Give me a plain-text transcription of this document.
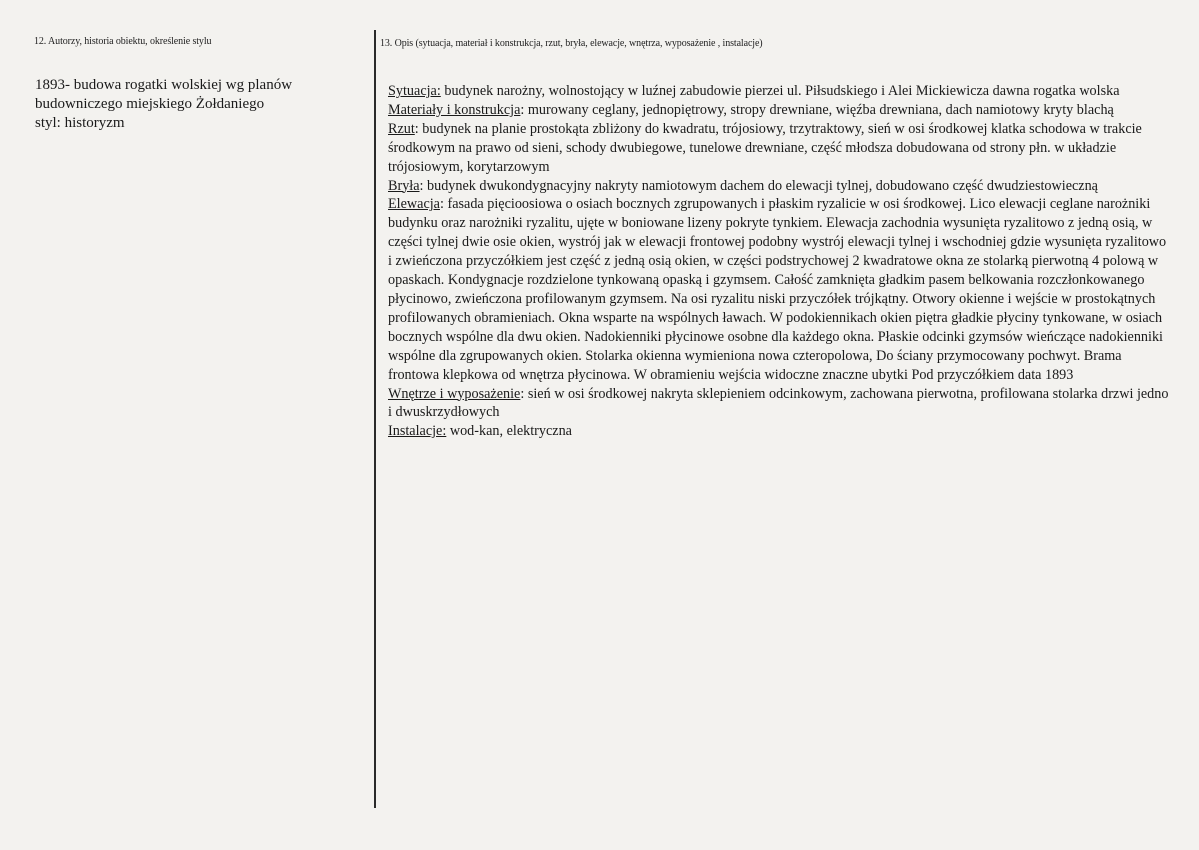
12. Autorzy, historia obiektu, określenie stylu

1893- budowa rogatki wolskiej wg planów
budowniczego miejskiego Żołdaniego
styl: historyzm

13. Opis (sytuacja, materiał i konstrukcja, rzut, bryła, elewacje, wnętrza, wyposażenie , instalacje)

Sytuacja: budynek narożny, wolnostojący w luźnej zabudowie pierzei ul. Piłsudskiego i Alei Mickiewicza dawna rogatka wolska

Materiały i konstrukcja: murowany ceglany, jednopiętrowy, stropy drewniane, więźba drewniana, dach namiotowy kryty blachą

Rzut: budynek na planie prostokąta zbliżony do kwadratu, trójosiowy, trzytraktowy, sień w osi środkowej klatka schodowa w trakcie środkowym na prawo od sieni, schody dwubiegowe, tunelowe drewniane, część młodsza dobudowana od strony płn. w układzie trójosiowym, korytarzowym

Bryła: budynek dwukondygnacyjny nakryty namiotowym dachem do elewacji tylnej, dobudowano część dwudziestowieczną

Elewacja: fasada pięcioosiowa o osiach bocznych zgrupowanych i płaskim ryzalicie w osi środkowej. Lico elewacji ceglane narożniki budynku oraz narożniki ryzalitu, ujęte w boniowane lizeny pokryte tynkiem. Elewacja zachodnia wysunięta ryzalitowo z jedną osią, w części tylnej dwie osie okien, wystrój jak w elewacji frontowej podobny wystrój elewacji tylnej i wschodniej gdzie wysunięta ryzalitowo i zwieńczona przyczółkiem jest część z jedną osią okien, w części podstrychowej 2 kwadratowe okna ze stolarką pierwotną 4 polową w opaskach. Kondygnacje rozdzielone tynkowaną opaską i gzymsem. Całość zamknięta gładkim pasem belkowania rozczłonkowanego płycinowo, zwieńczona profilowanym gzymsem. Na osi ryzalitu niski przyczółek trójkątny. Otwory okienne i wejście w prostokątnych profilowanych obramieniach. Okna wsparte na wspólnych ławach. W podokiennikach okien piętra gładkie płyciny tynkowane, w osiach bocznych wspólne dla dwu okien. Nadokienniki płycinowe osobne dla każdego okna. Płaskie odcinki gzymsów wieńczące nadokienniki wspólne dla zgrupowanych okien. Stolarka okienna wymieniona nowa czteropolowa, Do ściany przymocowany pochwyt. Brama frontowa klepkowa od wnętrza płycinowa. W obramieniu wejścia widoczne znaczne ubytki Pod przyczółkiem data 1893

Wnętrze i wyposażenie: sień w osi środkowej nakryta sklepieniem odcinkowym, zachowana pierwotna, profilowana stolarka drzwi jedno i dwuskrzydłowych

Instalacje: wod-kan, elektryczna
